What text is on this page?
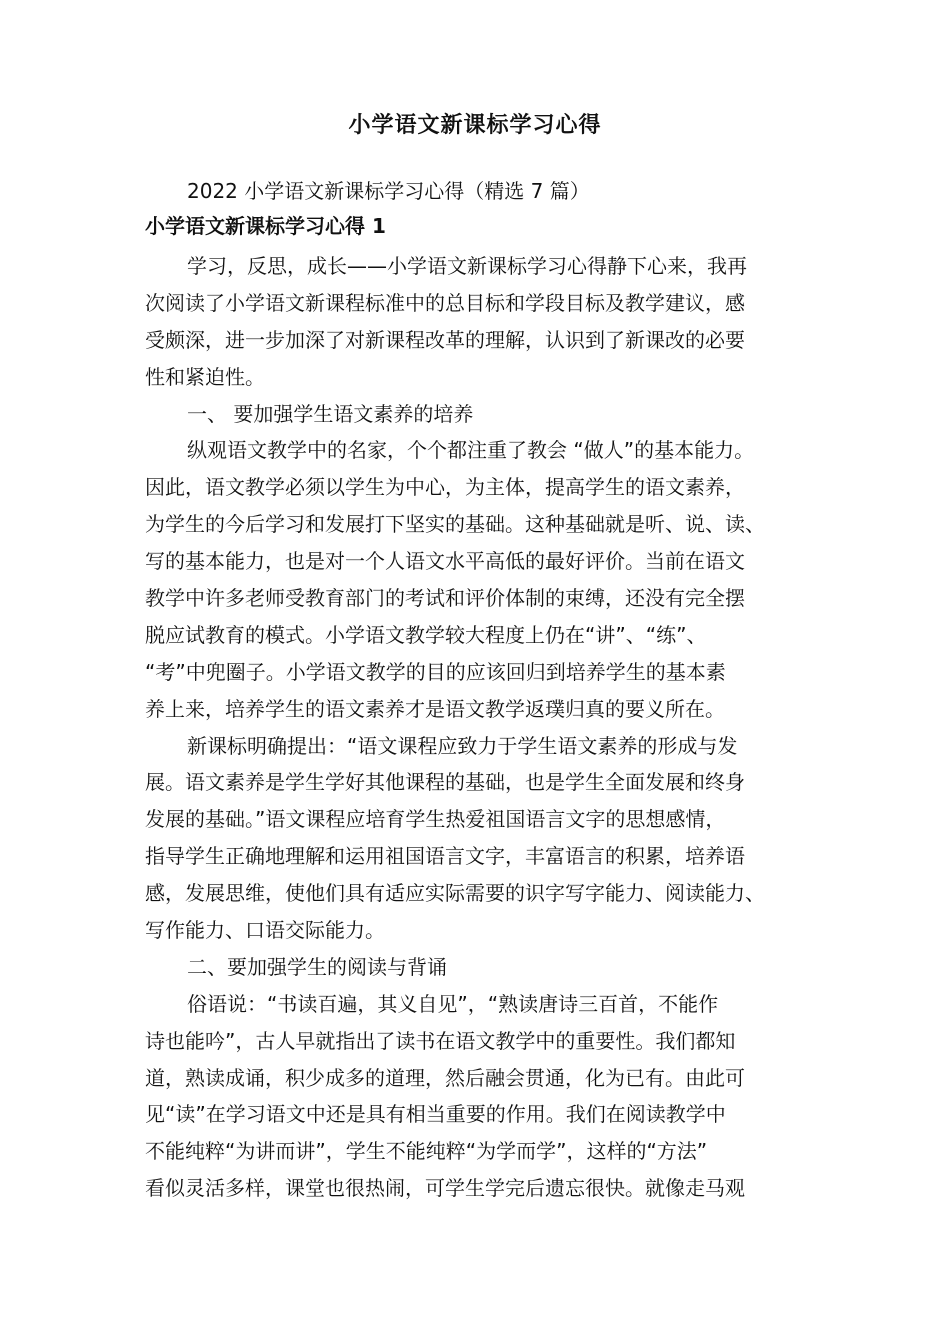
小学语文新课标学习心得
2022 小学语文新课标学习心得（精选 7 篇）
小学语文新课标学习心得 1
学习，反思，成长——小学语文新课标学习心得静下心来，我再
次阅读了小学语文新课程标准中的总目标和学段目标及教学建议，感
受颇深，进一步加深了对新课程改革的理解，认识到了新课改的必要
性和紧迫性。
一、 要加强学生语文素养的培养
纵观语文教学中的名家，个个都注重了教会 “做人”的基本能力。
因此，语文教学必须以学生为中心，为主体，提高学生的语文素养，
为学生的今后学习和发展打下坚实的基础。这种基础就是听、说、读、
写的基本能力，也是对一个人语文水平高低的最好评价。当前在语文
教学中许多老师受教育部门的考试和评价体制的束缚，还没有完全摆
脱应试教育的模式。小学语文教学较大程度上仍在“讲”、“练”、
“考”中兜圈子。小学语文教学的目的应该回归到培养学生的基本素
养上来，培养学生的语文素养才是语文教学返璞归真的要义所在。
新课标明确提出：“语文课程应致力于学生语文素养的形成与发
展。语文素养是学生学好其他课程的基础，也是学生全面发展和终身
发展的基础。”语文课程应培育学生热爱祖国语言文字的思想感情，
指导学生正确地理解和运用祖国语言文字，丰富语言的积累，培养语
感，发展思维，使他们具有适应实际需要的识字写字能力、阅读能力、
写作能力、口语交际能力。
二、要加强学生的阅读与背诵
俗语说：“书读百遍，其义自见”，“熟读唐诗三百首，不能作
诗也能吟”，古人早就指出了读书在语文教学中的重要性。我们都知
道，熟读成诵，积少成多的道理，然后融会贯通，化为已有。由此可
见“读”在学习语文中还是具有相当重要的作用。我们在阅读教学中
不能纯粹“为讲而讲”，学生不能纯粹“为学而学”，这样的“方法”
看似灵活多样，课堂也很热闹，可学生学完后遗忘很快。就像走马观
